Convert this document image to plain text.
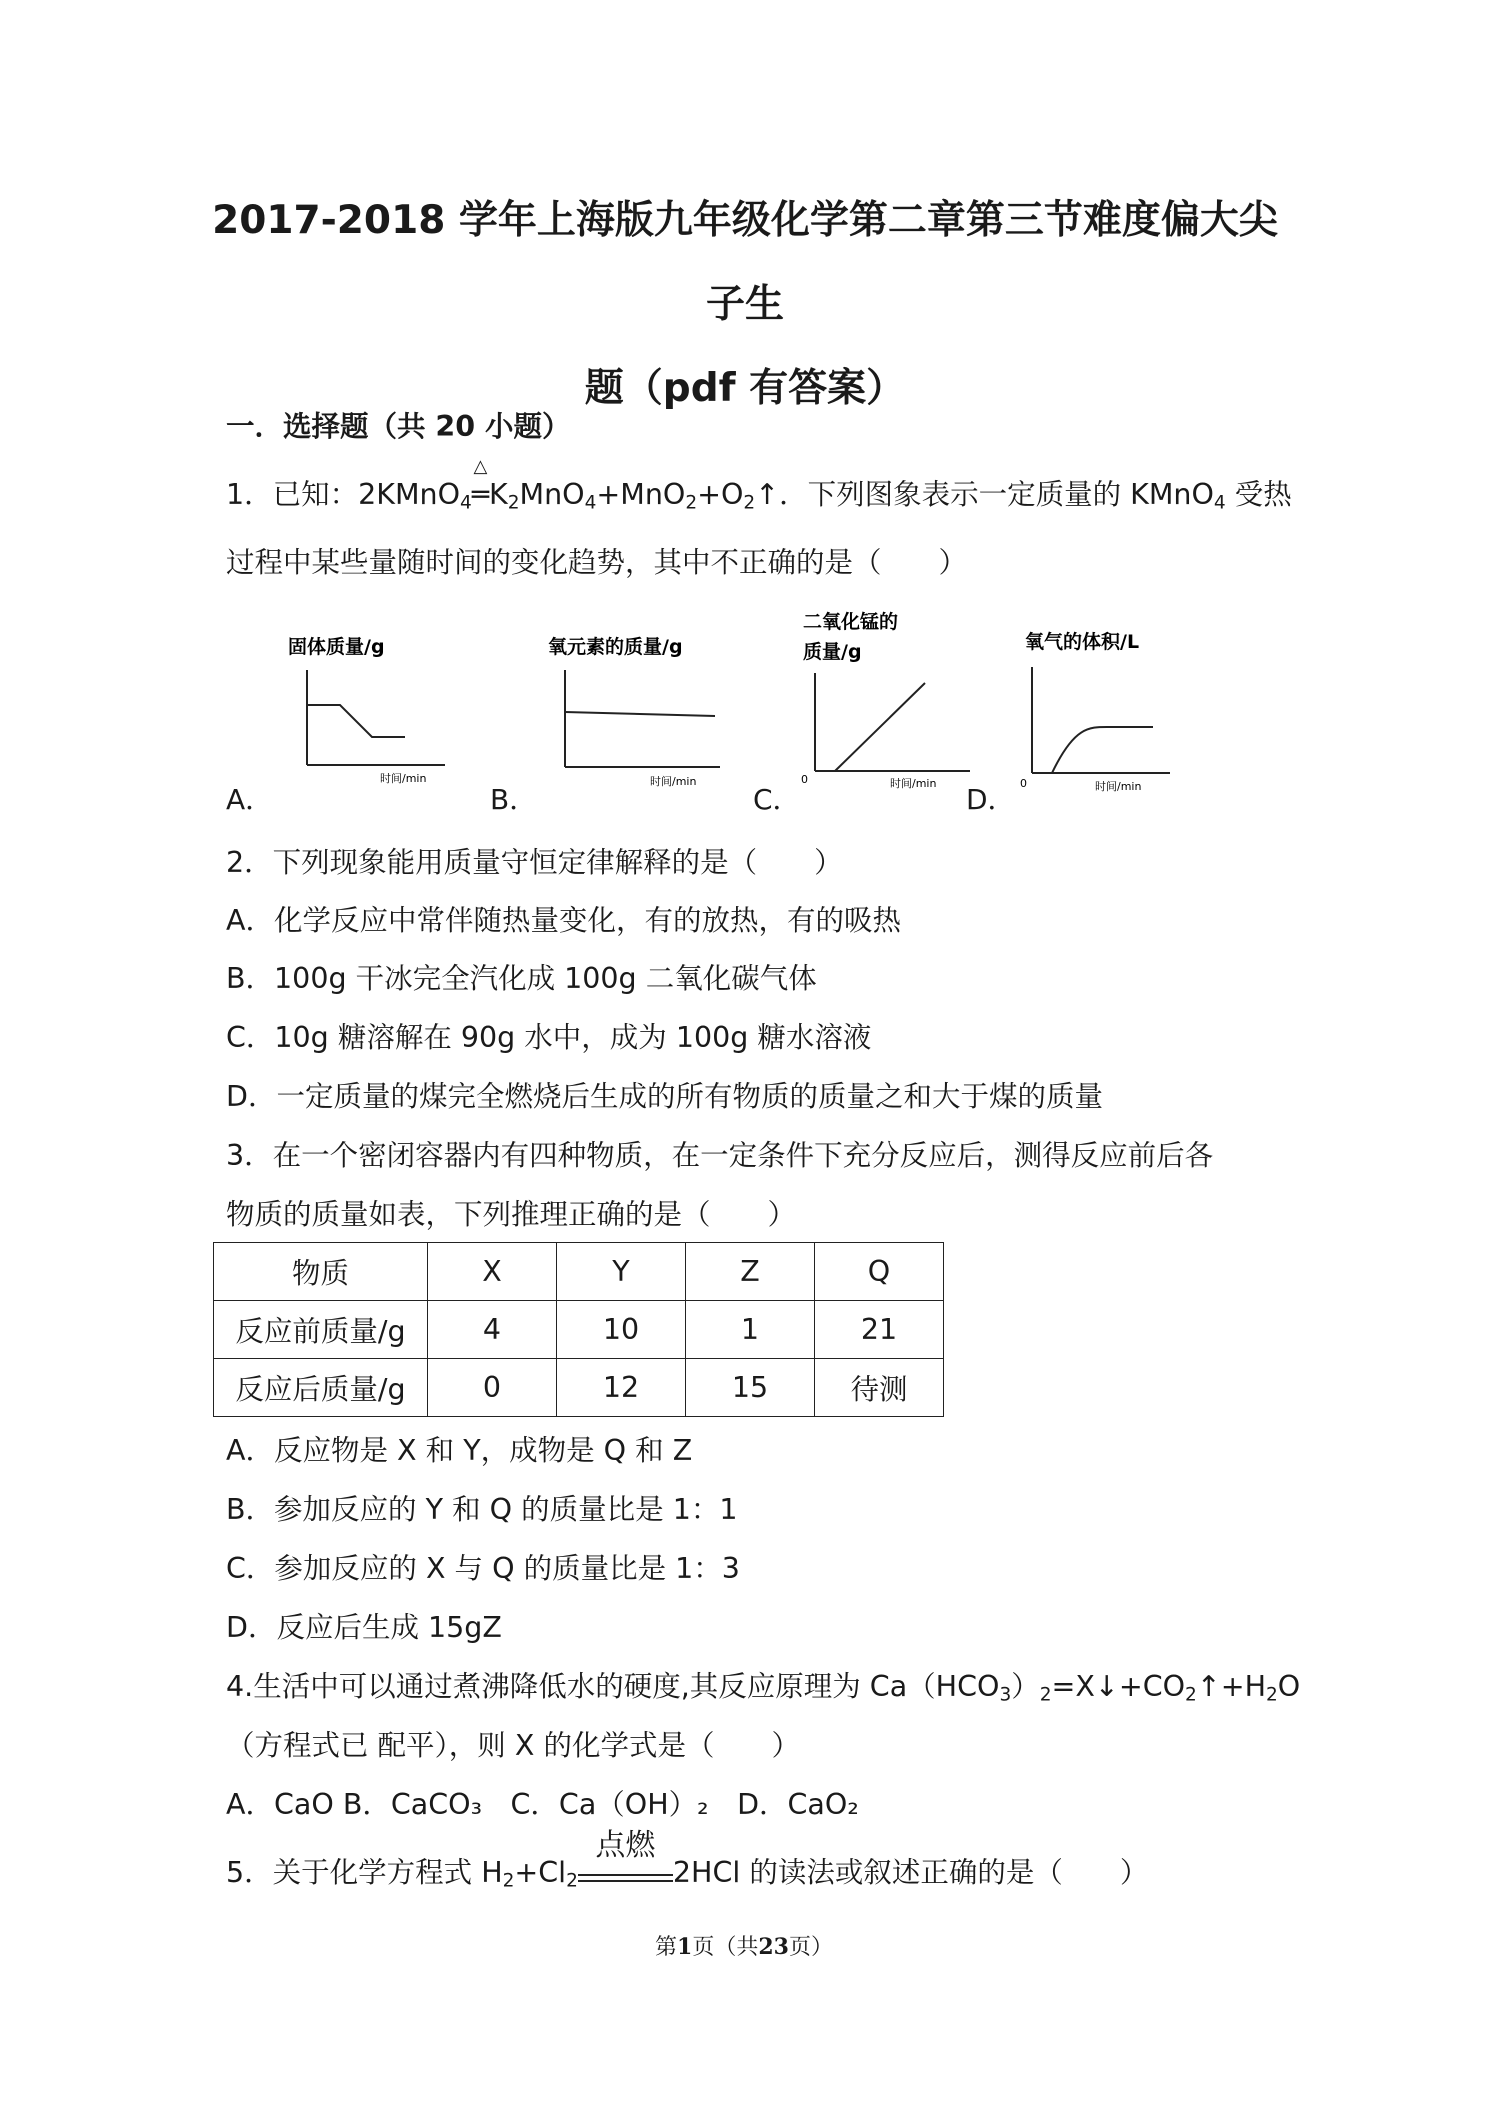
2017-2018 学年上海版九年级化学第二章第三节难度偏大尖子生
题（pdf 有答案）
一．选择题（共 20 小题）
1．已知：2KMnO$_4$
△
$═K_2MnO_4+MnO_2+O_2↑$．下列图象表示一定质量的 KMnO$_4$ 受热
过程中某些量随时间的变化趋势，其中不正确的是（　　）
A．	B．	C．	D．
固体质量/g
时间/min
氧元素的质量/g
时间/min
二氧化锰的
质量/g
0	时间/min
氧气的体积/L
0	时间/min
2．下列现象能用质量守恒定律解释的是（　　）
A．化学反应中常伴随热量变化，有的放热，有的吸热
B．100g 干冰完全汽化成 100g 二氧化碳气体
C．10g 糖溶解在 90g 水中，成为 100g 糖水溶液
D．一定质量的煤完全燃烧后生成的所有物质的质量之和大于煤的质量
3．在一个密闭容器内有四种物质，在一定条件下充分反应后，测得反应前后各
物质的质量如表，下列推理正确的是（　　）
物质	X	Y	Z	Q
反应前质量/g	4	10	1	21
反应后质量/g	0	12	15	待测
A．反应物是 X 和 Y，成物是 Q 和 Z
B．参加反应的 Y 和 Q 的质量比是 1：1
C．参加反应的 X 与 Q 的质量比是 1：3
D．反应后生成 15gZ
4.生活中可以通过煮沸降低水的硬度,其反应原理为 $Ca(HCO_3)_2=X↓+CO_2↑+H_2O$
（方程式已 配平），则 X 的化学式是（　　）
A．CaO B．CaCO₃　C．Ca（OH）₂　D．CaO₂
5．关于化学方程式 $H_2+Cl_2$
点燃
2HCl 的读法或叙述正确的是（　　）
第1页（共23页）
